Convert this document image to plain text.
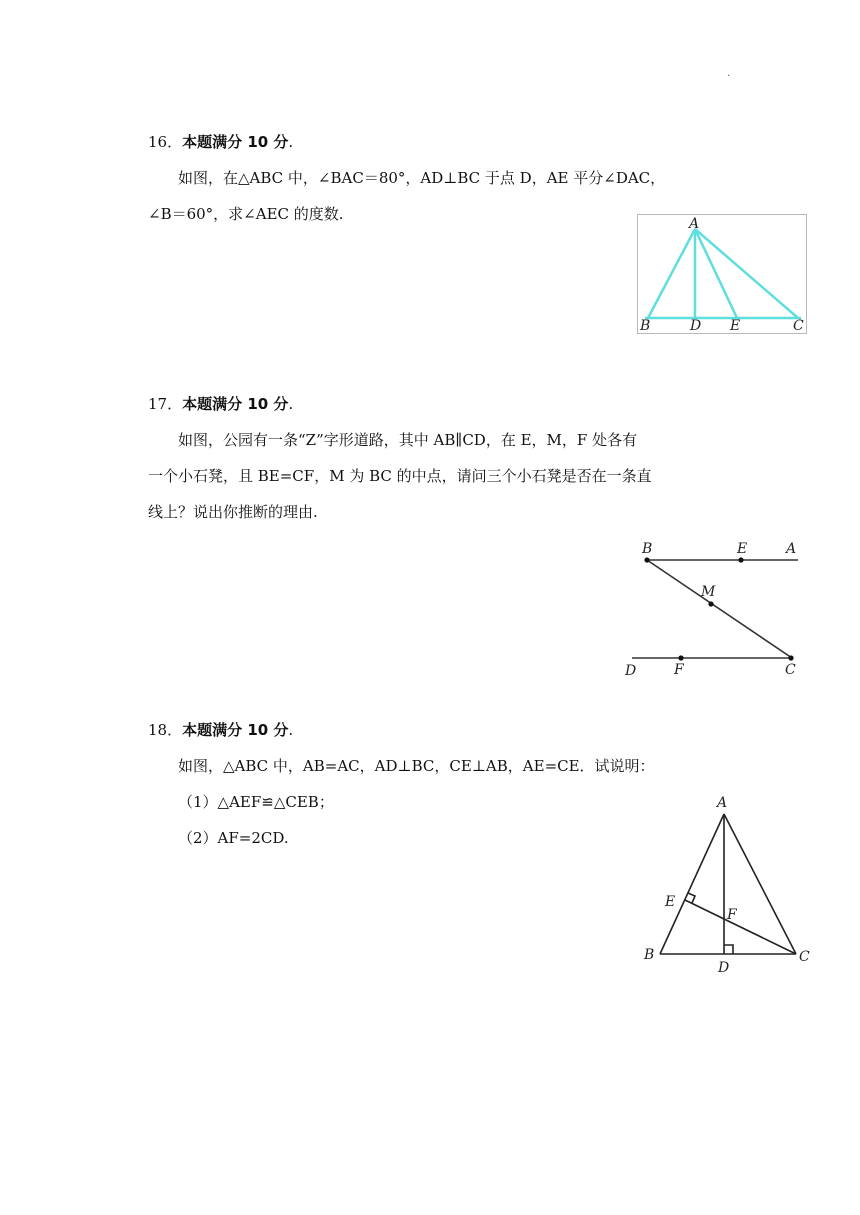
.
16．本题满分 10 分.
如图，在△ABC 中，∠BAC＝80°，AD⊥BC 于点 D，AE 平分∠DAC，
∠B＝60°，求∠AEC 的度数.
A
B	D E	C
17．本题满分 10 分.
如图，公园有一条“Z”字形道路，其中 AB∥CD，在 E，M，F 处各有
一个小石凳，且 BE=CF，M 为 BC 的中点，请问三个小石凳是否在一条直
线上？说出你推断的理由.
B	E	A
M
D	F	C
18．本题满分 10 分.
如图，△ABC 中，AB=AC，AD⊥BC，CE⊥AB，AE=CE．试说明：
（1）△AEF≌△CEB；
（2）AF=2CD.
A
E
F
B
D
C
